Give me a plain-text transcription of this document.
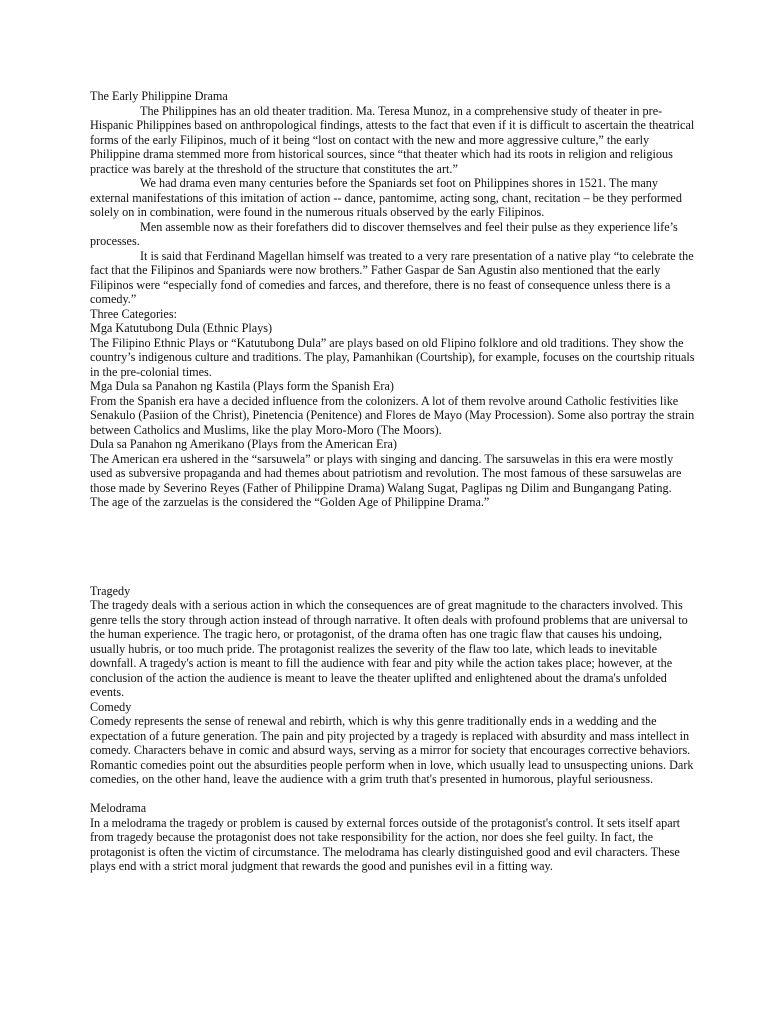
The Early Philippine Drama

The Philippines has an old theater tradition. Ma. Teresa Munoz, in a comprehensive study of theater in pre-Hispanic Philippines based on anthropological findings, attests to the fact that even if it is difficult to ascertain the theatrical forms of the early Filipinos, much of it being “lost on contact with the new and more aggressive culture,” the early Philippine drama stemmed more from historical sources, since “that theater which had its roots in religion and religious practice was barely at the threshold of the structure that constitutes the art.”

We had drama even many centuries before the Spaniards set foot on Philippines shores in 1521. The many external manifestations of this imitation of action -- dance, pantomime, acting song, chant, recitation – be they performed solely on in combination, were found in the numerous rituals observed by the early Filipinos.

Men assemble now as their forefathers did to discover themselves and feel their pulse as they experience life’s processes.

It is said that Ferdinand Magellan himself was treated to a very rare presentation of a native play “to celebrate the fact that the Filipinos and Spaniards were now brothers.” Father Gaspar de San Agustin also mentioned that the early Filipinos were “especially fond of comedies and farces, and therefore, there is no feast of consequence unless there is a comedy.”

Three Categories:

Mga Katutubong Dula (Ethnic Plays)

The Filipino Ethnic Plays or “Katutubong Dula” are plays based on old Flipino folklore and old traditions. They show the country’s indigenous culture and traditions. The play, Pamanhikan (Courtship), for example, focuses on the courtship rituals in the pre-colonial times.

Mga Dula sa Panahon ng Kastila (Plays form the Spanish Era)

From the Spanish era have a decided influence from the colonizers. A lot of them revolve around Catholic festivities like Senakulo (Pasiion of the Christ), Pinetencia (Penitence) and Flores de Mayo (May Procession). Some also portray the strain between Catholics and Muslims, like the play Moro-Moro (The Moors).

Dula sa Panahon ng Amerikano (Plays from the American Era)

The American era ushered in the “sarsuwela” or plays with singing and dancing. The sarsuwelas in this era were mostly used as subversive propaganda and had themes about patriotism and revolution. The most famous of these sarsuwelas are those made by Severino Reyes (Father of Philippine Drama) Walang Sugat, Paglipas ng Dilim and Bungangang Pating.

The age of the zarzuelas is the considered the “Golden Age of Philippine Drama.”

Tragedy

The tragedy deals with a serious action in which the consequences are of great magnitude to the characters involved. This genre tells the story through action instead of through narrative. It often deals with profound problems that are universal to the human experience. The tragic hero, or protagonist, of the drama often has one tragic flaw that causes his undoing, usually hubris, or too much pride. The protagonist realizes the severity of the flaw too late, which leads to inevitable downfall. A tragedy's action is meant to fill the audience with fear and pity while the action takes place; however, at the conclusion of the action the audience is meant to leave the theater uplifted and enlightened about the drama's unfolded events.

Comedy

Comedy represents the sense of renewal and rebirth, which is why this genre traditionally ends in a wedding and the expectation of a future generation. The pain and pity projected by a tragedy is replaced with absurdity and mass intellect in comedy. Characters behave in comic and absurd ways, serving as a mirror for society that encourages corrective behaviors. Romantic comedies point out the absurdities people perform when in love, which usually lead to unsuspecting unions. Dark comedies, on the other hand, leave the audience with a grim truth that's presented in humorous, playful seriousness.

Melodrama

In a melodrama the tragedy or problem is caused by external forces outside of the protagonist's control. It sets itself apart from tragedy because the protagonist does not take responsibility for the action, nor does she feel guilty. In fact, the protagonist is often the victim of circumstance. The melodrama has clearly distinguished good and evil characters. These plays end with a strict moral judgment that rewards the good and punishes evil in a fitting way.
